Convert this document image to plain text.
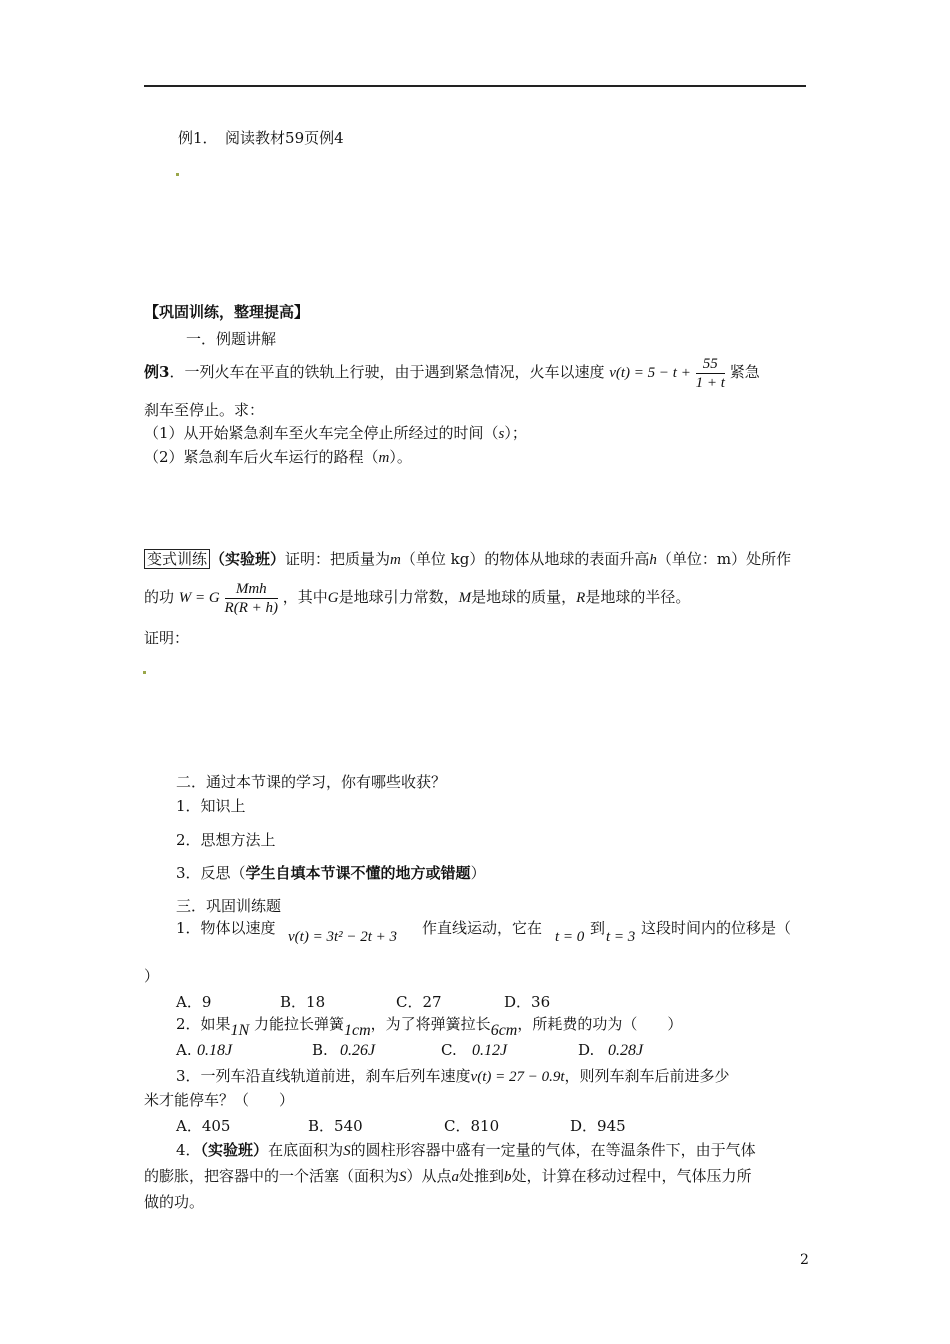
例1．　阅读教材59页例4
【巩固训练，整理提高】
一．例题讲解
例3．一列火车在平直的铁轨上行驶，由于遇到紧急情况，火车以速度 $v(t) = 5 - t + \frac{55}{1 + t}$ 紧急
刹车至停止。求：
（1）从开始紧急刹车至火车完全停止所经过的时间（s）；
（2）紧急刹车后火车运行的路程（m）。
变式训练 （实验班）证明：把质量为m（单位 kg）的物体从地球的表面升高h（单位：m）处所作
的功 W = G $\frac{\text{Mmh}}{R(R + h)}$ ，其中G是地球引力常数，M是地球的质量，R是地球的半径。
证明：
二．通过本节课的学习，你有哪些收获？
1．知识上
2．思想方法上
3．反思（学生自填本节课不懂的地方或错题）
三．巩固训练题
1．物体以速度 v(t) = 3t² − 2t + 3 作直线运动，它在 t = 0 到 t = 3 这段时间内的位移是（
）
A．9	B．18	C．27	D．36
2．如果1N 力能拉长弹簧1cm，为了将弹簧拉长6cm，所耗费的功为（　　）
A. 0.18J	B. 0.26J	C. 0.12J	D. 0.28J
3．一列车沿直线轨道前进，刹车后列车速度v(t) = 27 − 0.9t，则列车刹车后前进多少
米才能停车？（　　）
A．405	B．540	C．810	D．945
4．（实验班）在底面积为S的圆柱形容器中盛有一定量的气体，在等温条件下，由于气体
的膨胀，把容器中的一个活塞（面积为S）从点a处推到b处，计算在移动过程中，气体压力所
做的功。
2
